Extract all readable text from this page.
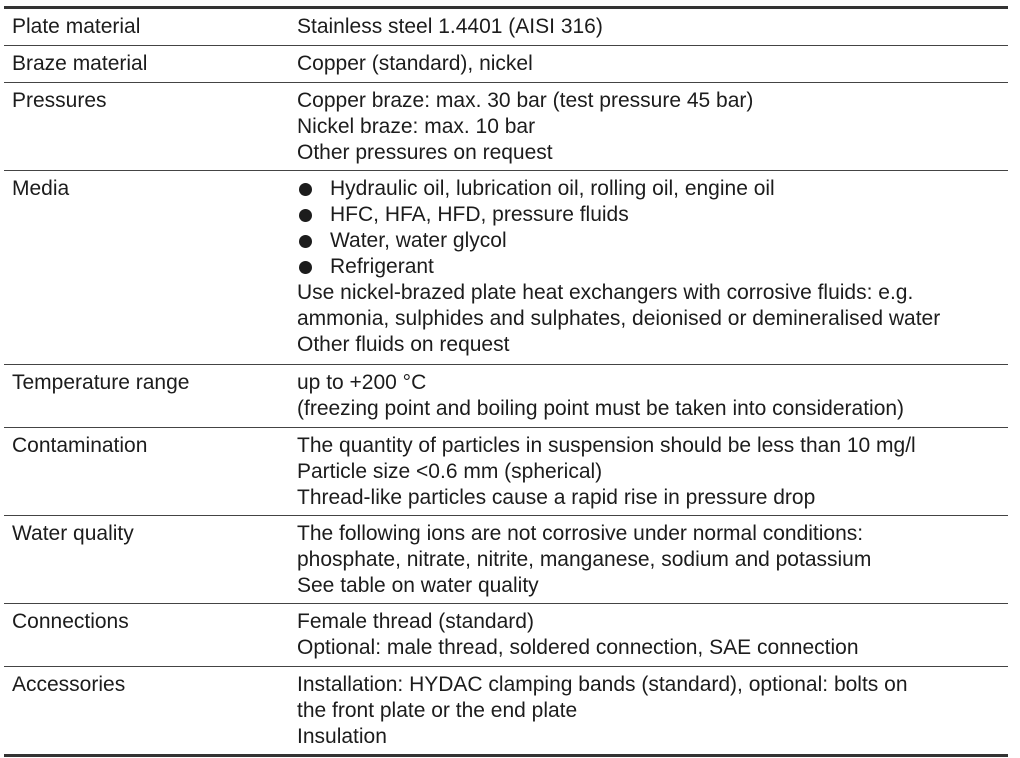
Plate material	Stainless steel 1.4401 (AISI 316)
Braze material	Copper (standard), nickel
Pressures	Copper braze: max. 30 bar (test pressure 45 bar)
Nickel braze: max. 10 bar
Other pressures on request
Media	Hydraulic oil, lubrication oil, rolling oil, engine oil
HFC, HFA, HFD, pressure fluids
Water, water glycol
Refrigerant
Use nickel-brazed plate heat exchangers with corrosive fluids: e.g.
ammonia, sulphides and sulphates, deionised or demineralised water
Other fluids on request
Temperature range	up to +200 °C
(freezing point and boiling point must be taken into consideration)
Contamination	The quantity of particles in suspension should be less than 10 mg/l
Particle size <0.6 mm (spherical)
Thread-like particles cause a rapid rise in pressure drop
Water quality	The following ions are not corrosive under normal conditions:
phosphate, nitrate, nitrite, manganese, sodium and potassium
See table on water quality
Connections	Female thread (standard)
Optional: male thread, soldered connection, SAE connection
Accessories	Installation: HYDAC clamping bands (standard), optional: bolts on
the front plate or the end plate
Insulation
